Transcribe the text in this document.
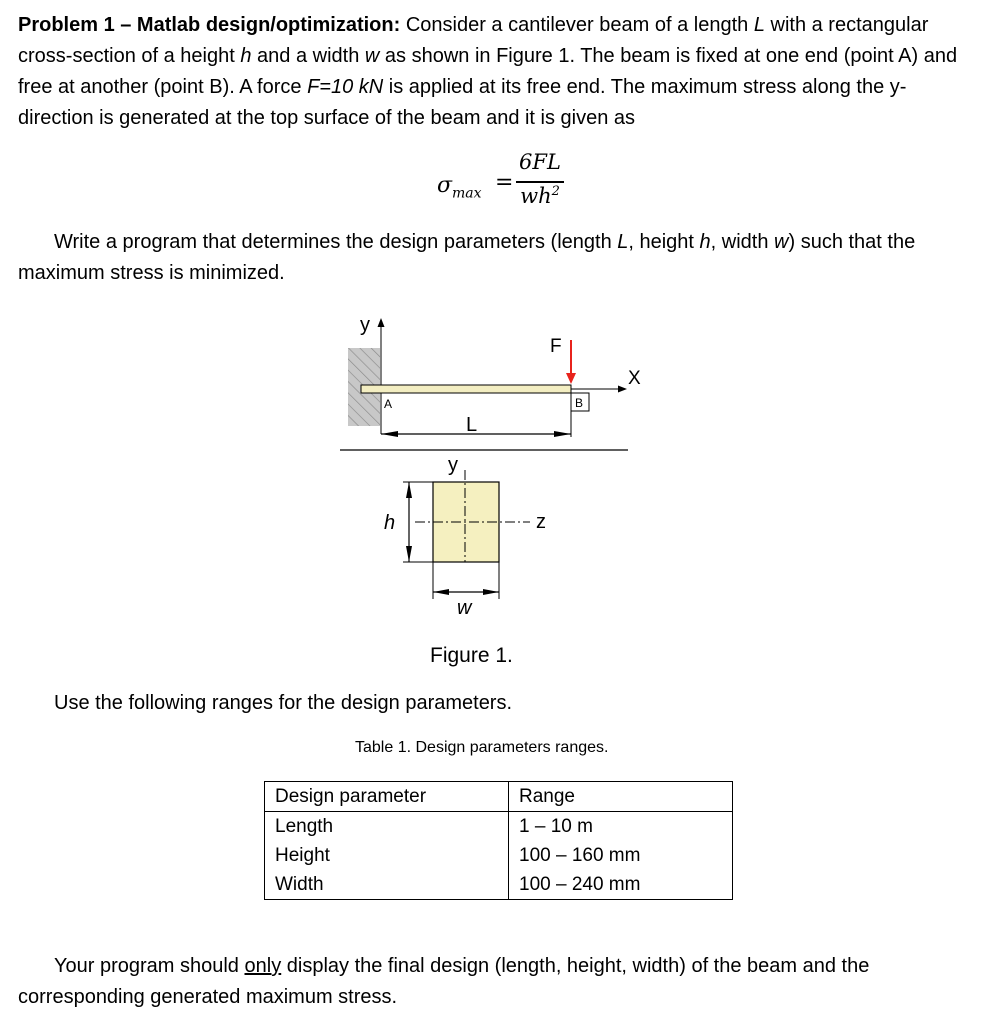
Problem 1 – Matlab design/optimization: Consider a cantilever beam of a length L with a rectangular cross-section of a height h and a width w as shown in Figure 1. The beam is fixed at one end (point A) and free at another (point B). A force F=10 kN is applied at its free end. The maximum stress along the y-direction is generated at the top surface of the beam and it is given as
$\sigma_{max}$ =
6FL
$wh^2$
Write a program that determines the design parameters (length L, height h, width w) such that the maximum stress is minimized.
y
F
X
A	B
L
y
z
h
w
Figure 1.
Use the following ranges for the design parameters.
Table 1. Design parameters ranges.
Design parameter	Range
Length	1 – 10 m
Height	100 – 160 mm
Width	100 – 240 mm
Your program should only display the final design (length, height, width) of the beam and the corresponding generated maximum stress.
